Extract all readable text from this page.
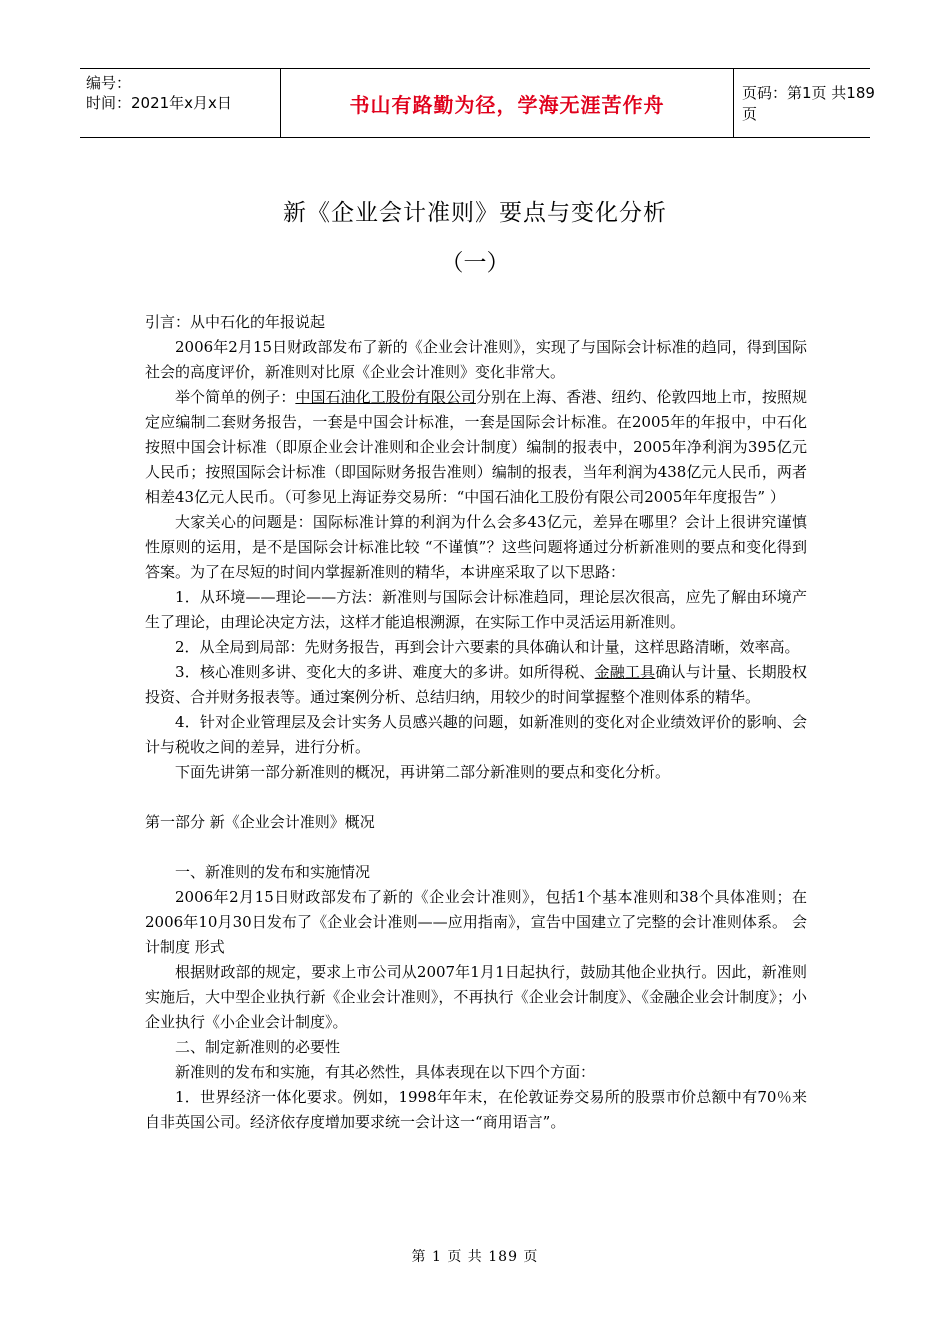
编号：
时间：2021年x月x日	书山有路勤为径，学海无涯苦作舟	页码：第1页 共189页
新《企业会计准则》要点与变化分析
（一）

引言：从中石化的年报说起

2006年2月15日财政部发布了新的《企业会计准则》，实现了与国际会计标准的趋同，得到国际社会的高度评价，新准则对比原《企业会计准则》变化非常大。

举个简单的例子：中国石油化工股份有限公司分别在上海、香港、纽约、伦敦四地上市，按照规定应编制二套财务报告，一套是中国会计标准，一套是国际会计标准。在2005年的年报中，中石化按照中国会计标准（即原企业会计准则和企业会计制度）编制的报表中，2005年净利润为395亿元人民币；按照国际会计标准（即国际财务报告准则）编制的报表，当年利润为438亿元人民币，两者相差43亿元人民币。（可参见上海证券交易所：“中国石油化工股份有限公司2005年年度报告” ）

大家关心的问题是：国际标准计算的利润为什么会多43亿元，差异在哪里？会计上很讲究谨慎性原则的运用，是不是国际会计标准比较 “不谨慎”？这些问题将通过分析新准则的要点和变化得到答案。为了在尽短的时间内掌握新准则的精华，本讲座采取了以下思路：

1．从环境——理论——方法：新准则与国际会计标准趋同，理论层次很高，应先了解由环境产生了理论，由理论决定方法，这样才能追根溯源，在实际工作中灵活运用新准则。

2．从全局到局部：先财务报告，再到会计六要素的具体确认和计量，这样思路清晰，效率高。

3．核心准则多讲、变化大的多讲、难度大的多讲。如所得税、金融工具确认与计量、长期股权投资、合并财务报表等。通过案例分析、总结归纳，用较少的时间掌握整个准则体系的精华。

4．针对企业管理层及会计实务人员感兴趣的问题，如新准则的变化对企业绩效评价的影响、会计与税收之间的差异，进行分析。

下面先讲第一部分新准则的概况，再讲第二部分新准则的要点和变化分析。

第一部分 新《企业会计准则》概况

一、新准则的发布和实施情况

2006年2月15日财政部发布了新的《企业会计准则》，包括1个基本准则和38个具体准则；在2006年10月30日发布了《企业会计准则——应用指南》，宣告中国建立了完整的会计准则体系。 会计制度 形式

根据财政部的规定，要求上市公司从2007年1月1日起执行，鼓励其他企业执行。因此，新准则实施后，大中型企业执行新《企业会计准则》，不再执行《企业会计制度》、《金融企业会计制度》；小企业执行《小企业会计制度》。

二、制定新准则的必要性

新准则的发布和实施，有其必然性，具体表现在以下四个方面：

1．世界经济一体化要求。例如，1998年年末，在伦敦证券交易所的股票市价总额中有70％来自非英国公司。经济依存度增加要求统一会计这一“商用语言”。

第 1 页 共 189 页
